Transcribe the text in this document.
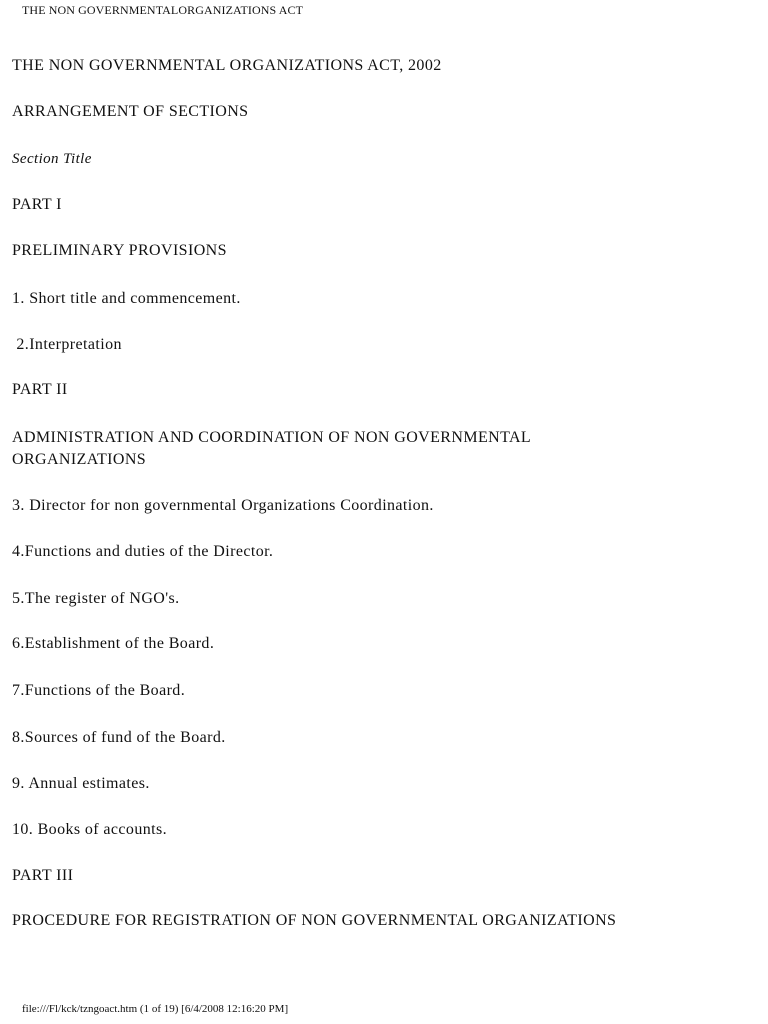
THE NON GOVERNMENTALORGANIZATIONS ACT
THE NON GOVERNMENTAL ORGANIZATIONS ACT, 2002
ARRANGEMENT OF SECTIONS
Section Title
PART I
PRELIMINARY PROVISIONS
1. Short title and commencement.
2.Interpretation
PART II
ADMINISTRATION AND COORDINATION OF NON GOVERNMENTAL ORGANIZATIONS
3. Director for non governmental Organizations Coordination.
4.Functions and duties of the Director.
5.The register of NGO's.
6.Establishment of the Board.
7.Functions of the Board.
8.Sources of fund of the Board.
9. Annual estimates.
10. Books of accounts.
PART III
PROCEDURE FOR REGISTRATION OF NON GOVERNMENTAL ORGANIZATIONS
file:///Fl/kck/tzngoact.htm (1 of 19) [6/4/2008 12:16:20 PM]
